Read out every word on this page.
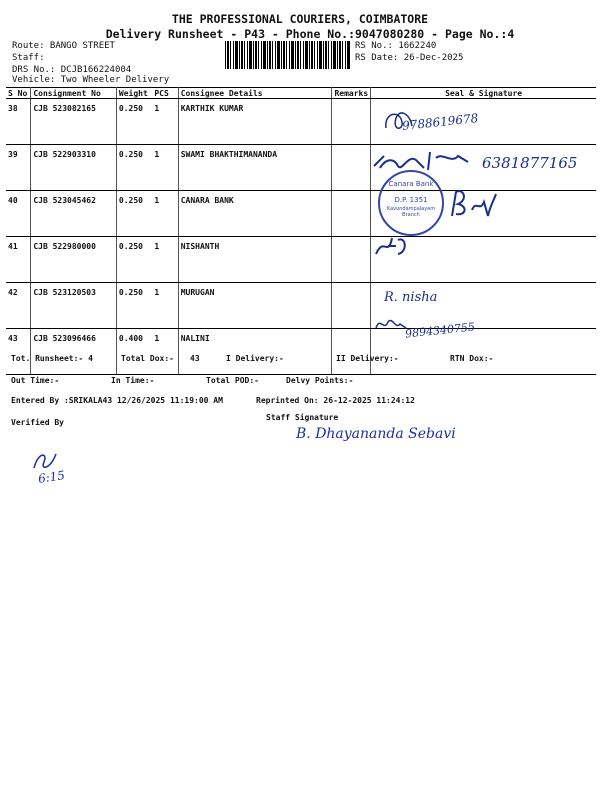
THE PROFESSIONAL COURIERS, COIMBATORE
Delivery Runsheet - P43 - Phone No.:9047080280 - Page No.:4
Route: BANGO STREET
Staff:
DRS No.: DCJB166224004
Vehicle: Two Wheeler Delivery
RS No.: 1662240
RS Date: 26-Dec-2025
S No	Consignment No	Weight	PCS	Consignee Details	Remarks	Seal & Signature
38	CJB 523082165	0.250	1	KARTHIK KUMAR		
39	CJB 522903310	0.250	1	SWAMI BHAKTHIMANANDA		
40	CJB 523045462	0.250	1	CANARA BANK		
41	CJB 522980000	0.250	1	NISHANTH		
42	CJB 523120503	0.250	1	MURUGAN		
43	CJB 523096466	0.400	1	NALINI		
9788619678
6381877165
Canara Bank
D.P. 1351
Kavundampalayam Branch
R. nisha
9894340755
Tot. Runsheet:- 4	Total Dox:- 43	I Delivery:-	II Delivery:-	RTN Dox:-
Out Time:-	In Time:-	Total POD:-	Delvy Points:-
Entered By :SRIKALA43 12/26/2025 11:19:00 AM	Reprinted On: 26-12-2025 11:24:12
Verified By
Staff Signature
B. Dhayananda Sebavi
6:15
